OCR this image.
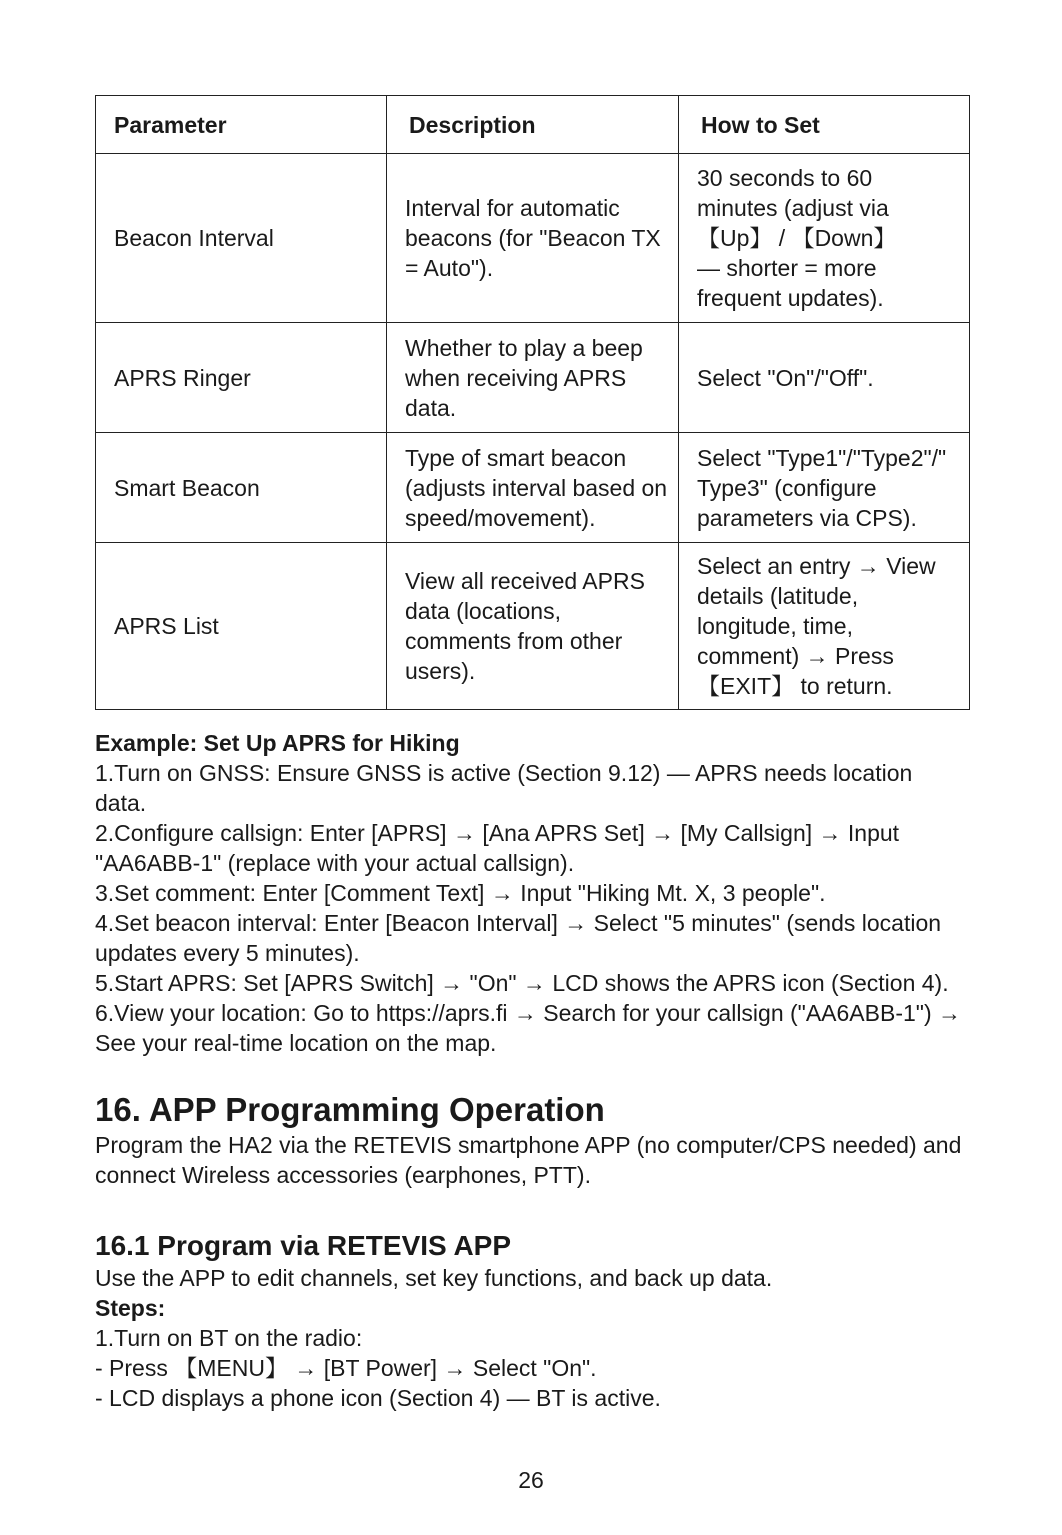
Parameter	Description	How to Set
Beacon Interval	Interval for automatic beacons (for "Beacon TX = Auto").	30 seconds to 60
minutes (adjust via
【Up】 / 【Down】
— shorter = more
frequent updates).

APRS Ringer	Whether to play a beep when receiving APRS data.	Select "On"/"Off".

Smart Beacon	Type of smart beacon (adjusts interval based on speed/movement).	Select "Type1"/"Type2"/"
Type3" (configure
parameters via CPS).

APRS List	View all received APRS data (locations, comments from other users).	Select an entry → View
details (latitude,
longitude, time,
comment) → Press
【EXIT】 to return.

Example: Set Up APRS for Hiking

1.Turn on GNSS: Ensure GNSS is active (Section 9.12) — APRS needs location data.

2.Configure callsign: Enter [APRS] → [Ana APRS Set] → [My Callsign] → Input "AA6ABB-1" (replace with your actual callsign).

3.Set comment: Enter [Comment Text] → Input "Hiking Mt. X, 3 people".

4.Set beacon interval: Enter [Beacon Interval] → Select "5 minutes" (sends location updates every 5 minutes).

5.Start APRS: Set [APRS Switch] → "On" → LCD shows the APRS icon (Section 4).

6.View your location: Go to https://aprs.fi → Search for your callsign ("AA6ABB-1") → See your real-time location on the map.

16. APP Programming Operation

Program the HA2 via the RETEVIS smartphone APP (no computer/CPS needed) and connect Wireless accessories (earphones, PTT).

16.1 Program via RETEVIS APP

Use the APP to edit channels, set key functions, and back up data.

Steps:

1.Turn on BT on the radio:

- Press 【MENU】 → [BT Power] → Select "On".

- LCD displays a phone icon (Section 4) — BT is active.

26
